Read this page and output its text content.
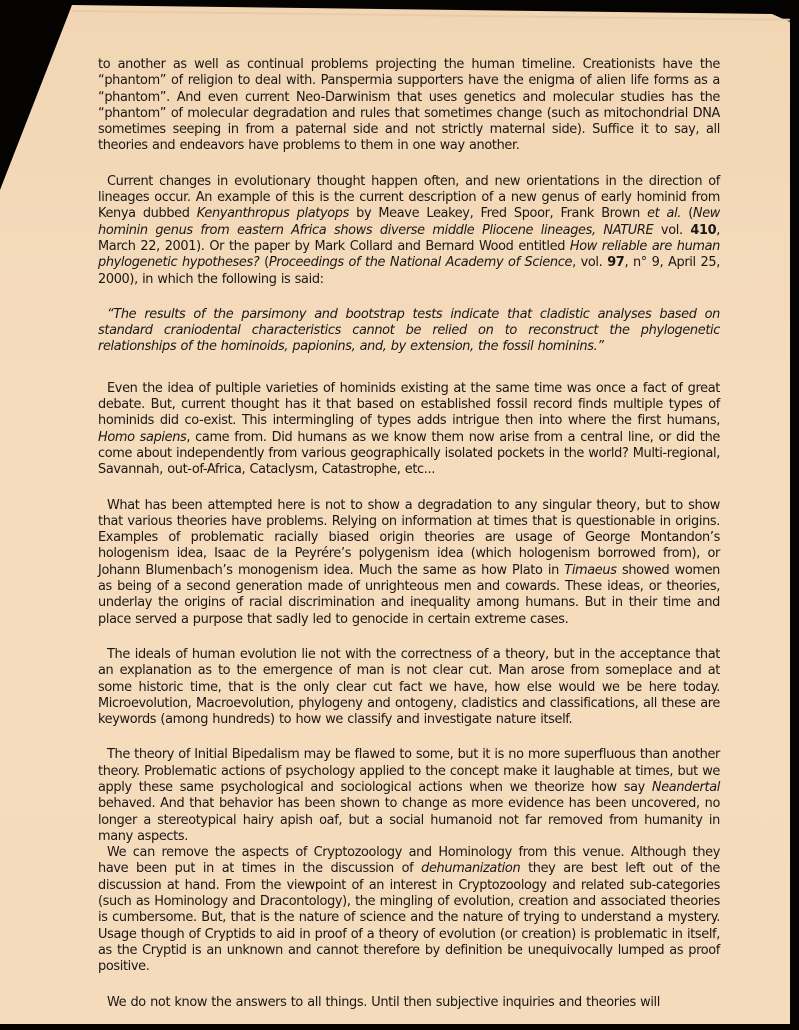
to another as well as continual problems projecting the human timeline. Creationists have the “phantom” of religion to deal with. Panspermia supporters have the enigma of alien life forms as a “phantom”. And even current Neo-Darwinism that uses genetics and molecular studies has the “phantom” of molecular degradation and rules that sometimes change (such as mitochondrial DNA sometimes seeping in from a paternal side and not strictly maternal side). Suffice it to say, all theories and endeavors have problems to them in one way another.

Current changes in evolutionary thought happen often, and new orientations in the direction of lineages occur. An example of this is the current description of a new genus of early hominid from Kenya dubbed Kenyanthropus platyops by Meave Leakey, Fred Spoor, Frank Brown et al. (New hominin genus from eastern Africa shows diverse middle Pliocene lineages, NATURE vol. 410, March 22, 2001). Or the paper by Mark Collard and Bernard Wood entitled How reliable are human phylogenetic hypotheses? (Proceedings of the National Academy of Science, vol. 97, n° 9, April 25, 2000), in which the following is said:

“The results of the parsimony and bootstrap tests indicate that cladistic analyses based on standard craniodental characteristics cannot be relied on to reconstruct the phylogenetic relationships of the hominoids, papionins, and, by extension, the fossil hominins.”

Even the idea of pultiple varieties of hominids existing at the same time was once a fact of great debate. But, current thought has it that based on established fossil record finds multiple types of hominids did co-exist. This intermingling of types adds intrigue then into where the first humans, Homo sapiens, came from. Did humans as we know them now arise from a central line, or did the come about independently from various geographically isolated pockets in the world? Multi-regional, Savannah, out-of-Africa, Cataclysm, Catastrophe, etc...

What has been attempted here is not to show a degradation to any singular theory, but to show that various theories have problems. Relying on information at times that is questionable in origins. Examples of problematic racially biased origin theories are usage of George Montandon’s hologenism idea, Isaac de la Peyrére’s polygenism idea (which hologenism borrowed from), or Johann Blumenbach’s monogenism idea. Much the same as how Plato in Timaeus showed women as being of a second generation made of unrighteous men and cowards. These ideas, or theories, underlay the origins of racial discrimination and inequality among humans. But in their time and place served a purpose that sadly led to genocide in certain extreme cases.

The ideals of human evolution lie not with the correctness of a theory, but in the acceptance that an explanation as to the emergence of man is not clear cut. Man arose from someplace and at some historic time, that is the only clear cut fact we have, how else would we be here today. Microevolution, Macroevolution, phylogeny and ontogeny, cladistics and classifications, all these are keywords (among hundreds) to how we classify and investigate nature itself.

The theory of Initial Bipedalism may be flawed to some, but it is no more superfluous than another theory. Problematic actions of psychology applied to the concept make it laughable at times, but we apply these same psychological and sociological actions when we theorize how say Neandertal behaved. And that behavior has been shown to change as more evidence has been uncovered, no longer a stereotypical hairy apish oaf, but a social humanoid not far removed from humanity in many aspects.

We can remove the aspects of Cryptozoology and Hominology from this venue. Although they have been put in at times in the discussion of dehumanization they are best left out of the discussion at hand. From the viewpoint of an interest in Cryptozoology and related sub-categories (such as Hominology and Dracontology), the mingling of evolution, creation and associated theories is cumbersome. But, that is the nature of science and the nature of trying to understand a mystery. Usage though of Cryptids to aid in proof of a theory of evolution (or creation) is problematic in itself, as the Cryptid is an unknown and cannot therefore by definition be unequivocally lumped as proof positive.

We do not know the answers to all things. Until then subjective inquiries and theories will
